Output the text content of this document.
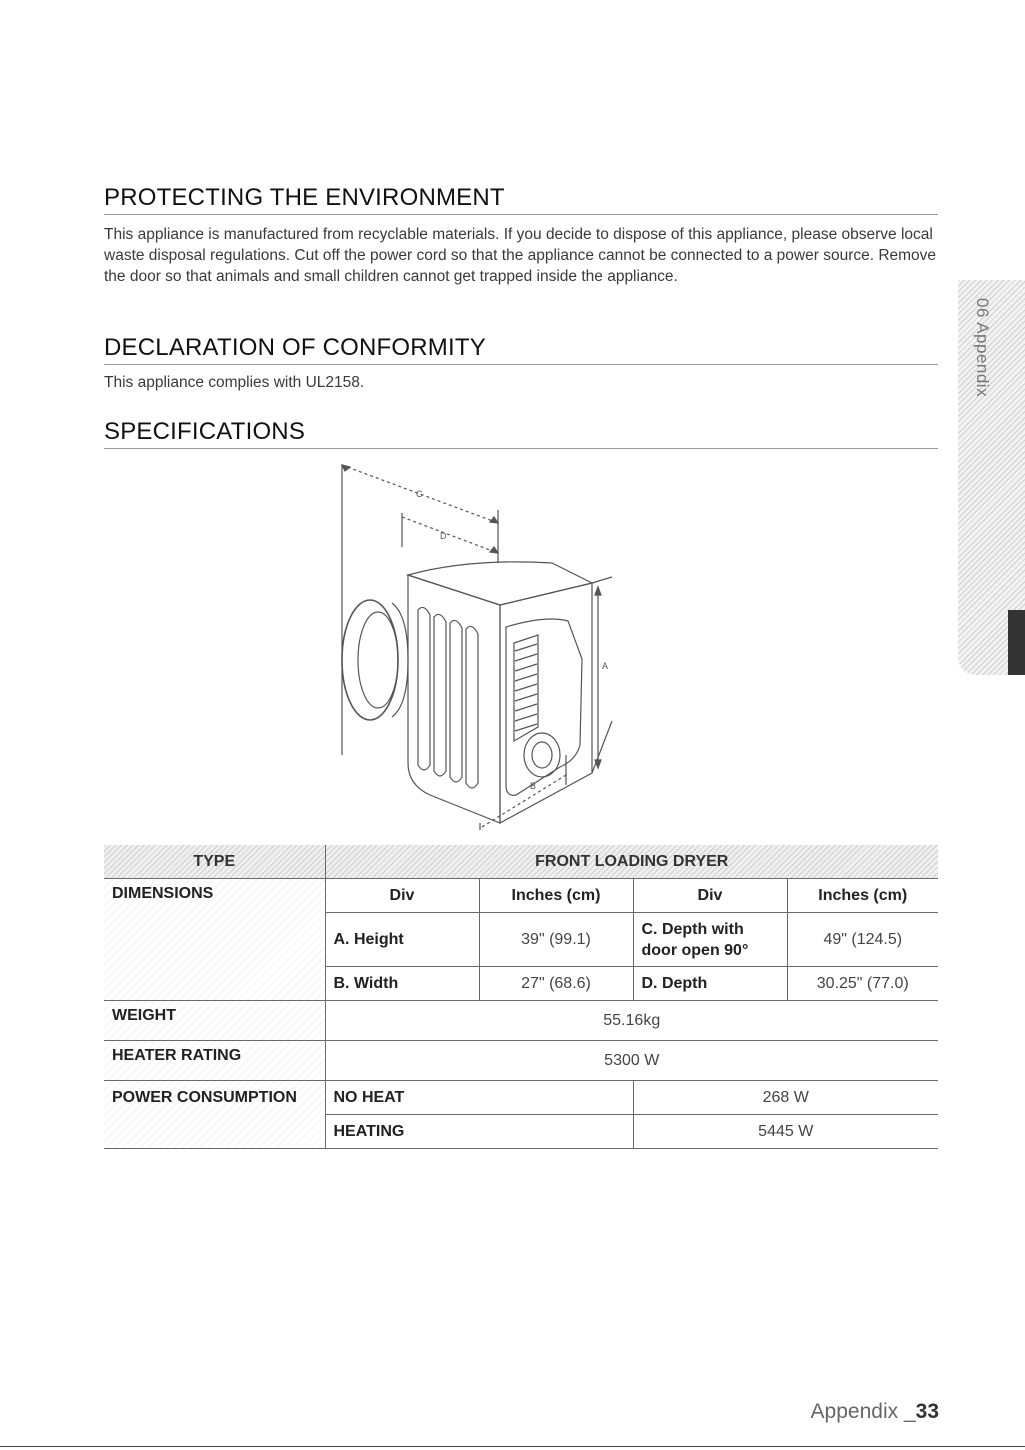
PROTECTING THE ENVIRONMENT
This appliance is manufactured from recyclable materials. If you decide to dispose of this appliance, please observe local waste disposal regulations. Cut off the power cord so that the appliance cannot be connected to a power source. Remove the door so that animals and small children cannot get trapped inside the appliance.
DECLARATION OF CONFORMITY
This appliance complies with UL2158.
SPECIFICATIONS
C
D
A
B
TYPE	FRONT LOADING DRYER			
DIMENSIONS	Div	Inches (cm)	Div	Inches (cm)
	A. Height	39" (99.1)	C. Depth with door open 90°	49" (124.5)
	B. Width	27" (68.6)	D. Depth	30.25" (77.0)
WEIGHT	55.16kg			
HEATER RATING	5300 W			
POWER CONSUMPTION	NO HEAT		268 W	
	HEATING		5445 W	
06 Appendix
Appendix _33
